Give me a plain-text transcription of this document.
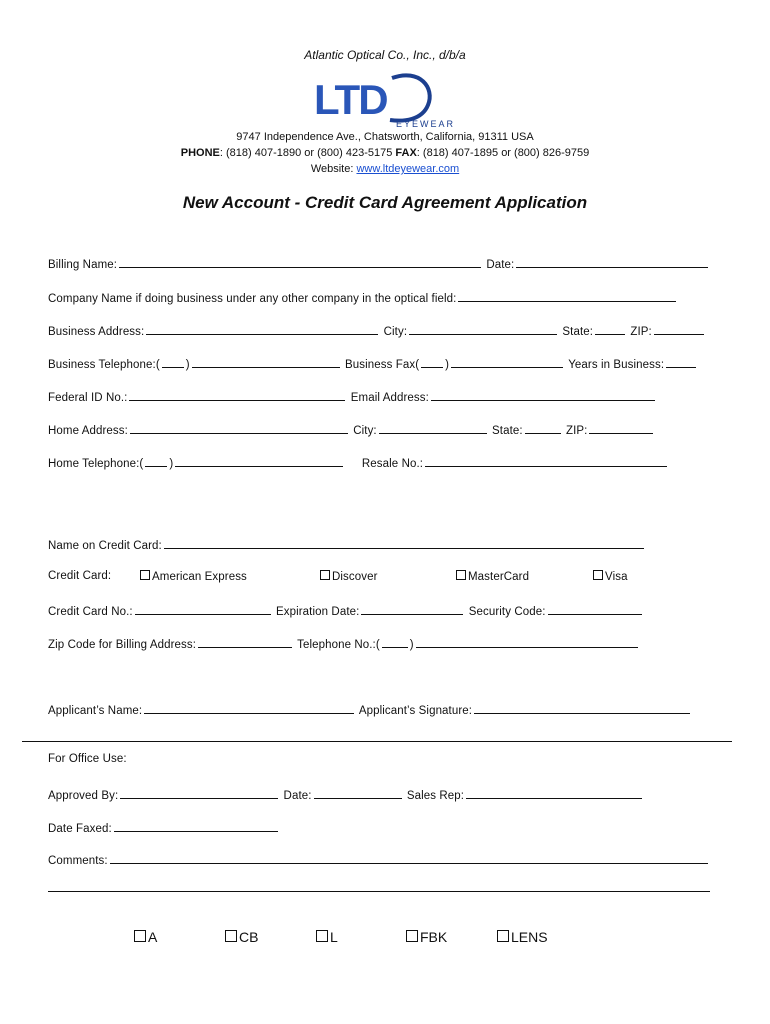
Atlantic Optical Co., Inc., d/b/a
LTD
EYEWEAR
9747 Independence Ave., Chatsworth, California, 91311 USA
PHONE: (818) 407-1890 or (800) 423-5175 FAX: (818) 407-1895 or (800) 826-9759
Website: www.ltdeyewear.com
New Account - Credit Card Agreement Application
Billing Name:	Date:
Company Name if doing business under any other company in the optical field:
Business Address:	City:	State:	ZIP:
Business Telephone:( )	Business Fax( )	Years in Business:
Federal ID No.:	Email Address:
Home Address:	City:	State:	ZIP:
Home Telephone:( )	Resale No.:
Name on Credit Card:
Credit Card:	American Express	Discover	MasterCard	Visa
Credit Card No.:	Expiration Date:	Security Code:
Zip Code for Billing Address:	Telephone No.:(	)
Applicant’s Name:	Applicant’s Signature:
For Office Use:
Approved By:	Date:	Sales Rep:
Date Faxed:
Comments:
A	CB	L	FBK	LENS
